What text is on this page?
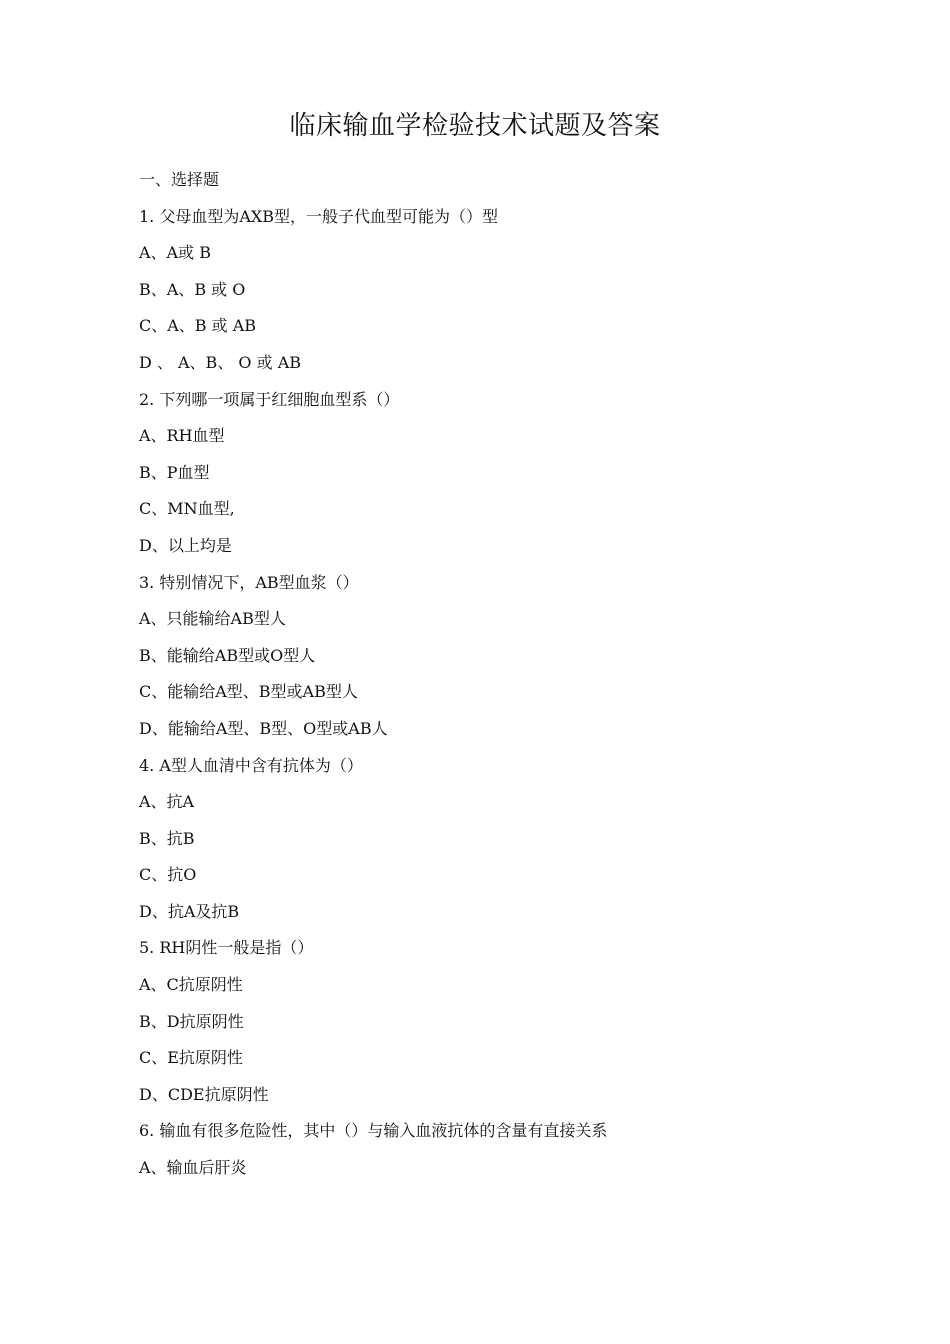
临床输血学检验技术试题及答案
一、选择题
1. 父母血型为AXB型，一般子代血型可能为（）型
A、A或 B
B、A、B 或 O
C、A、B 或 AB
D 、 A、B、 O 或 AB
2. 下列哪一项属于红细胞血型系（）
A、RH血型
B、P血型
C、MN血型,
D、以上均是
3. 特别情况下，AB型血浆（）
A、只能输给AB型人
B、能输给AB型或O型人
C、能输给A型、B型或AB型人
D、能输给A型、B型、O型或AB人
4. A型人血清中含有抗体为（）
A、抗A
B、抗B
C、抗O
D、抗A及抗B
5. RH阴性一般是指（）
A、C抗原阴性
B、D抗原阴性
C、E抗原阴性
D、CDE抗原阴性
6. 输血有很多危险性，其中（）与输入血液抗体的含量有直接关系
A、输血后肝炎
